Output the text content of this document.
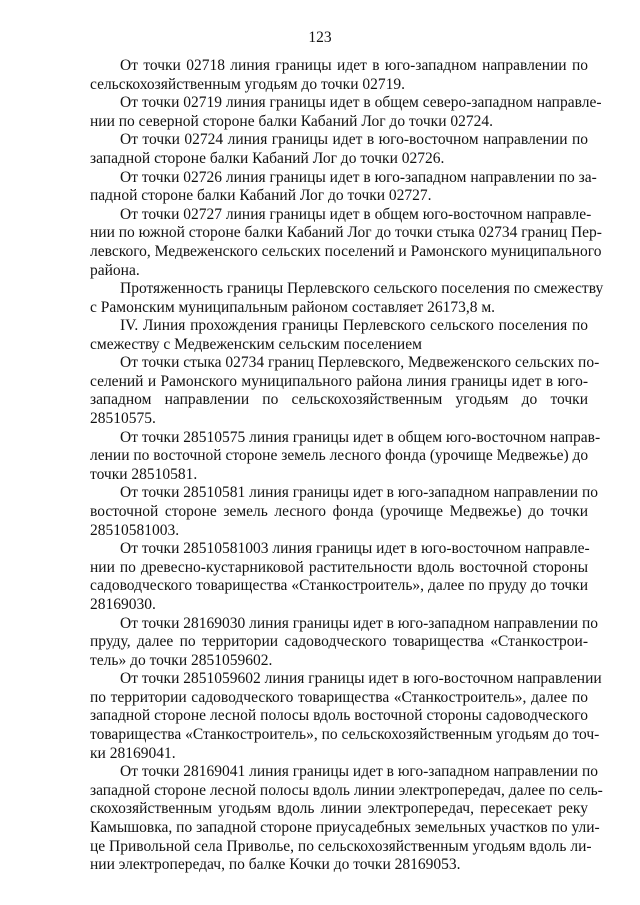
123
От точки 02718 линия границы идет в юго-западном направлении по
сельскохозяйственным угодьям до точки 02719.
От точки 02719 линия границы идет в общем северо-западном направле-
нии по северной стороне балки Кабаний Лог до точки 02724.
От точки 02724 линия границы идет в юго-восточном направлении по
западной стороне балки Кабаний Лог до точки 02726.
От точки 02726 линия границы идет в юго-западном направлении по за-
падной стороне балки Кабаний Лог до точки 02727.
От точки 02727 линия границы идет в общем юго-восточном направле-
нии по южной стороне балки Кабаний Лог до точки стыка 02734 границ Пер-
левского, Медвеженского сельских поселений и Рамонского муниципального
района.
Протяженность границы Перлевского сельского поселения по смежеству
с Рамонским муниципальным районом составляет 26173,8 м.
IV. Линия прохождения границы Перлевского сельского поселения по
смежеству с Медвеженским сельским поселением
От точки стыка 02734 границ Перлевского, Медвеженского сельских по-
селений и Рамонского муниципального района линия границы идет в юго-
западном направлении по сельскохозяйственным угодьям до точки
28510575.
От точки 28510575 линия границы идет в общем юго-восточном направ-
лении по восточной стороне земель лесного фонда (урочище Медвежье) до
точки 28510581.
От точки 28510581 линия границы идет в юго-западном направлении по
восточной стороне земель лесного фонда (урочище Медвежье) до точки
28510581003.
От точки 28510581003 линия границы идет в юго-восточном направле-
нии по древесно-кустарниковой растительности вдоль восточной стороны
садоводческого товарищества «Станкостроитель», далее по пруду до точки
28169030.
От точки 28169030 линия границы идет в юго-западном направлении по
пруду, далее по территории садоводческого товарищества «Станкострои-
тель» до точки 2851059602.
От точки 2851059602 линия границы идет в юго-восточном направлении
по территории садоводческого товарищества «Станкостроитель», далее по
западной стороне лесной полосы вдоль восточной стороны садоводческого
товарищества «Станкостроитель», по сельскохозяйственным угодьям до точ-
ки 28169041.
От точки 28169041 линия границы идет в юго-западном направлении по
западной стороне лесной полосы вдоль линии электропередач, далее по сель-
скохозяйственным угодьям вдоль линии электропередач, пересекает реку
Камышовка, по западной стороне приусадебных земельных участков по ули-
це Привольной села Приволье, по сельскохозяйственным угодьям вдоль ли-
нии электропередач, по балке Кочки до точки 28169053.
